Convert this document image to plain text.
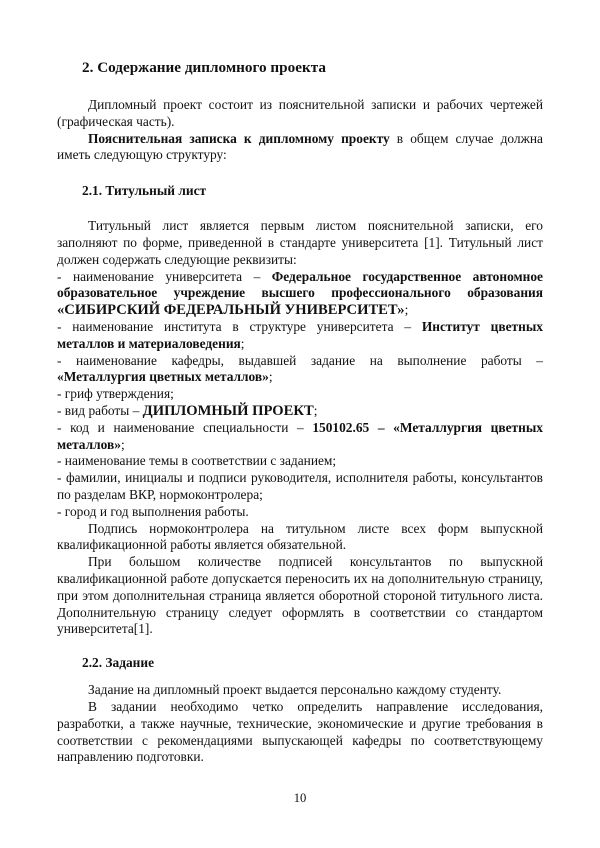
2. Содержание дипломного проекта

Дипломный проект состоит из пояснительной записки и рабочих чертежей (графическая часть).

Пояснительная записка к дипломному проекту в общем случае должна иметь следующую структуру:

2.1. Титульный лист

Титульный лист является первым листом пояснительной записки, его заполняют по форме, приведенной в стандарте университета [1]. Титульный лист должен содержать следующие реквизиты:

- наименование университета – Федеральное государственное автономное образовательное учреждение высшего профессионального образования «СИБИРСКИЙ ФЕДЕРАЛЬНЫЙ УНИВЕРСИТЕТ»;

- наименование института в структуре университета – Институт цветных металлов и материаловедения;

- наименование кафедры, выдавшей задание на выполнение работы – «Металлургия цветных металлов»;

- гриф утверждения;

- вид работы – ДИПЛОМНЫЙ ПРОЕКТ;

- код и наименование специальности – 150102.65 – «Металлургия цветных металлов»;

- наименование темы в соответствии с заданием;

- фамилии, инициалы и подписи руководителя, исполнителя работы, консультантов по разделам ВКР, нормоконтролера;

- город и год выполнения работы.

Подпись нормоконтролера на титульном листе всех форм выпускной квалификационной работы является обязательной.

При большом количестве подписей консультантов по выпускной квалификационной работе допускается переносить их на дополнительную страницу, при этом дополнительная страница является оборотной стороной титульного листа. Дополнительную страницу следует оформлять в соответствии со стандартом университета[1].

2.2. Задание

Задание на дипломный проект выдается персонально каждому студенту.

В задании необходимо четко определить направление исследования, разработки, а также научные, технические, экономические и другие требования в соответствии с рекомендациями выпускающей кафедры по соответствующему направлению подготовки.

10
